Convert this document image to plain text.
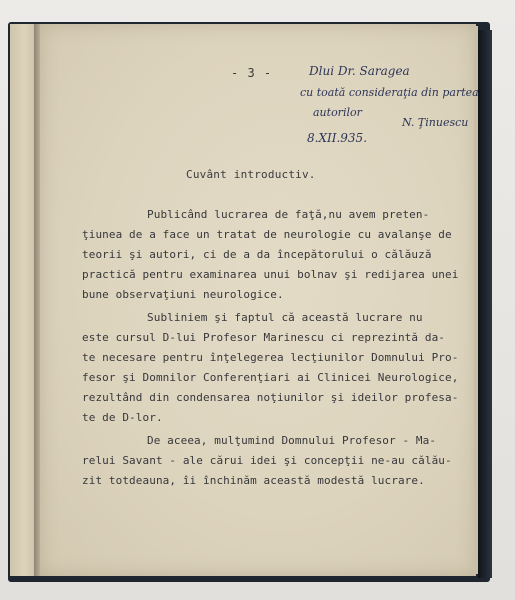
- 3 -	Dlui Dr. Saragea
cu toată consideraţia din partea
autorilor
N. Ţinuescu
8.XII.935.
Cuvânt introductiv.
Publicând lucrarea de faţă,nu avem preten-
ţiunea de a face un tratat de neurologie cu avalanşe de
teorii şi autori, ci de a da începătorului o călăuză
practică pentru examinarea unui bolnav şi redijarea unei
bune observaţiuni neurologice.
Subliniem şi faptul că această lucrare nu
este cursul D-lui Profesor Marinescu ci reprezintă da-
te necesare pentru înţelegerea lecţiunilor Domnului Pro-
fesor şi Domnilor Conferenţiari ai Clinicei Neurologice,
rezultând din condensarea noţiunilor şi ideilor profesa-
te de D-lor.
De aceea, mulţumind Domnului Profesor - Ma-
relui Savant - ale cărui idei şi concepţii ne-au călău-
zit totdeauna, îi închinăm această modestă lucrare.
